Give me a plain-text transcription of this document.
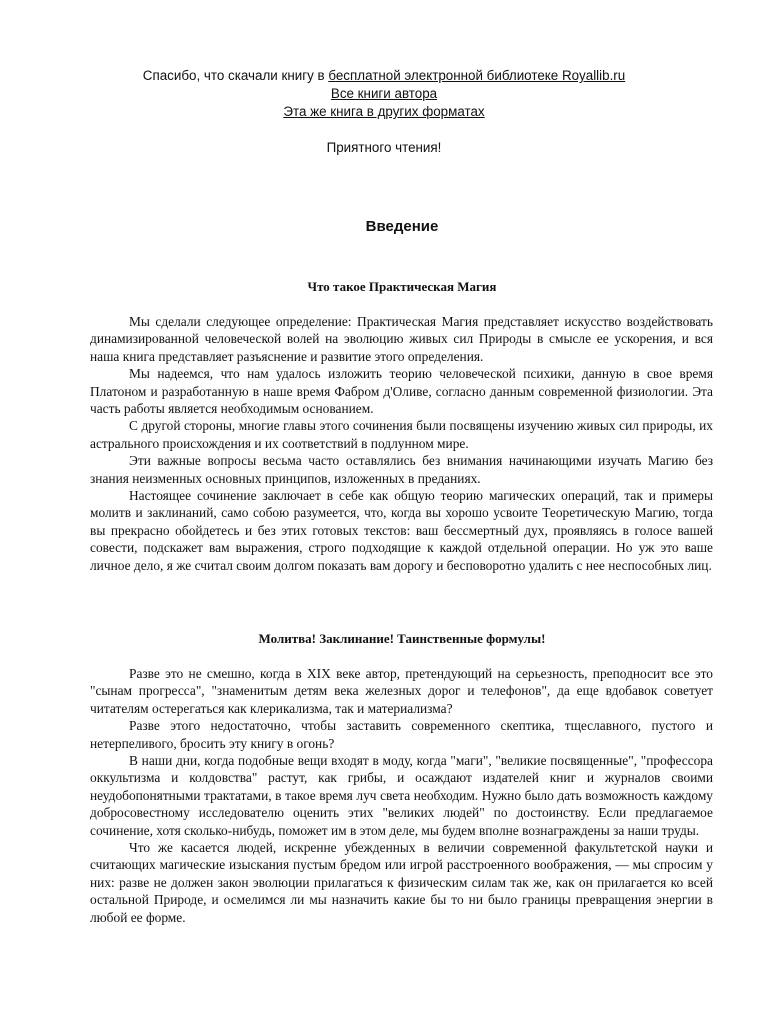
Спасибо, что скачали книгу в бесплатной электронной библиотеке Royallib.ru
Все книги автора
Эта же книга в других форматах
Приятного чтения!
Введение
Что такое Практическая Магия

Мы сделали следующее определение: Практическая Магия представляет искусство воздействовать динамизированной человеческой волей на эволюцию живых сил Природы в смысле ее ускорения, и вся наша книга представляет разъяснение и развитие этого определения.

Мы надеемся, что нам удалось изложить теорию человеческой психики, данную в свое время Платоном и разработанную в наше время Фабром д'Оливе, согласно данным современной физиологии. Эта часть работы является необходимым основанием.

С другой стороны, многие главы этого сочинения были посвящены изучению живых сил природы, их астрального происхождения и их соответствий в подлунном мире.

Эти важные вопросы весьма часто оставлялись без внимания начинающими изучать Магию без знания неизменных основных принципов, изложенных в преданиях.

Настоящее сочинение заключает в себе как общую теорию магических операций, так и примеры молитв и заклинаний, само собою разумеется, что, когда вы хорошо усвоите Теоретическую Магию, тогда вы прекрасно обойдетесь и без этих готовых текстов: ваш бессмертный дух, проявляясь в голосе вашей совести, подскажет вам выражения, строго подходящие к каждой отдельной операции. Но уж это ваше личное дело, я же считал своим долгом показать вам дорогу и бесповоротно удалить с нее неспособных лиц.

Молитва! Заклинание! Таинственные формулы!

Разве это не смешно, когда в XIX веке автор, претендующий на серьезность, преподносит все это "сынам прогресса", "знаменитым детям века железных дорог и телефонов", да еще вдобавок советует читателям остерегаться как клерикализма, так и материализма?

Разве этого недостаточно, чтобы заставить современного скептика, тщеславного, пустого и нетерпеливого, бросить эту книгу в огонь?

В наши дни, когда подобные вещи входят в моду, когда "маги", "великие посвященные", "профессора оккультизма и колдовства" растут, как грибы, и осаждают издателей книг и журналов своими неудобопонятными трактатами, в такое время луч света необходим. Нужно было дать возможность каждому добросовестному исследователю оценить этих "великих людей" по достоинству. Если предлагаемое сочинение, хотя сколько-нибудь, поможет им в этом деле, мы будем вполне вознаграждены за наши труды.

Что же касается людей, искренне убежденных в величии современной факультетской науки и считающих магические изыскания пустым бредом или игрой расстроенного воображения, — мы спросим у них: разве не должен закон эволюции прилагаться к физическим силам так же, как он прилагается ко всей остальной Природе, и осмелимся ли мы назначить какие бы то ни было границы превращения энергии в любой ее форме.
